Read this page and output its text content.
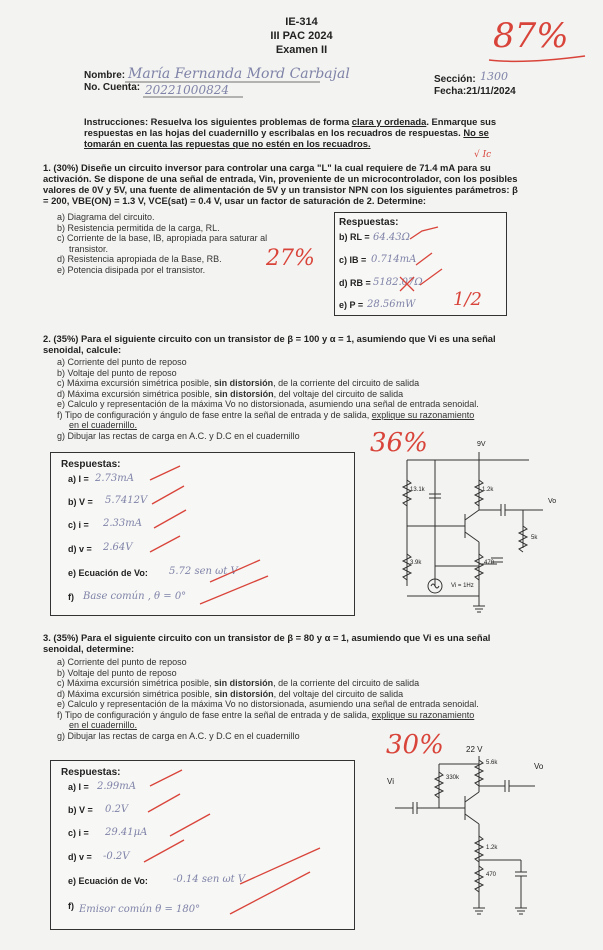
IE-314
III PAC 2024
Examen II	87%
Nombre: María Fernanda Mord Carbajal
No. Cuenta: 20221000824
Sección: 1300
Fecha:21/11/2024
Instrucciones: Resuelva los siguientes problemas de forma clara y ordenada. Enmarque sus respuestas en las hojas del cuadernillo y escribalas en los recuadros de respuestas. No se tomarán en cuenta las repuestas que no estén en los recuadros.
1. (30%) Diseñe un circuito inversor para controlar una carga "L" la cual requiere de 71.4 mA para su activación. Se dispone de una señal de entrada, Vin, proveniente de un microcontrolador, con los posibles valores de 0V y 5V, una fuente de alimentación de 5V y un transistor NPN con los siguientes parámetros: β = 200, VBE(ON) = 1.3 V, VCE(sat) = 0.4 V, usar un factor de saturación de 2. Determine:
√ Ic
a) Diagrama del circuito.
b) Resistencia permitida de la carga, RL.
c) Corriente de la base, IB, apropiada para saturar al
transistor.
d) Resistencia apropiada de la Base, RB.
e) Potencia disipada por el transistor.	27%
Respuestas:
b) RL = 64.43Ω
c) IB = 0.714mA
d) RB = 5182.07Ω
e) P = 28.56mW 1/2
2. (35%) Para el siguiente circuito con un transistor de β = 100 y α = 1, asumiendo que Vi es una señal senoidal, calcule:
a) Corriente del punto de reposo
b) Voltaje del punto de reposo
c) Máxima excursión simétrica posible, sin distorsión, de la corriente del circuito de salida
d) Máxima excursión simétrica posible, sin distorsión, del voltaje del circuito de salida
e) Calculo y representación de la máxima Vo no distorsionada, asumiendo una señal de entrada senoidal.
f) Tipo de configuración y ángulo de fase entre la señal de entrada y de salida, explique su razonamiento
en el cuadernillo.
g) Dibujar las rectas de carga en A.C. y D.C en el cuadernillo	36%
Respuestas:
a) I = 2.73mA
b) V = 5.7412V
c) i = 2.33mA
d) v = 2.64V
e) Ecuación de Vo: 5.72 sen ωt V
f) Base común , θ = 0°
9V
13.1k	1.2k
Vo
5k
3.9k	470
Vi = 1Hz
3. (35%) Para el siguiente circuito con un transistor de β = 80 y α = 1, asumiendo que Vi es una señal senoidal, determine:
a) Corriente del punto de reposo
b) Voltaje del punto de reposo
c) Máxima excursión simétrica posible, sin distorsión, de la corriente del circuito de salida
d) Máxima excursión simétrica posible, sin distorsión, del voltaje del circuito de salida
e) Calculo y representación de la máxima Vo no distorsionada, asumiendo una señal de entrada senoidal.
f) Tipo de configuración y ángulo de fase entre la señal de entrada y de salida, explique su razonamiento
en el cuadernillo.
g) Dibujar las rectas de carga en A.C. y D.C en el cuadernillo	30%
Respuestas:
a) I = 2.99mA
b) V = 0.2V
c) i = 29.41μA
d) v = -0.2V
e) Ecuación de Vo:	-0.14 sen ωt V
f) Emisor común θ = 180°
22 V
5.6k	Vo
330k
Vi
1.2k
470
